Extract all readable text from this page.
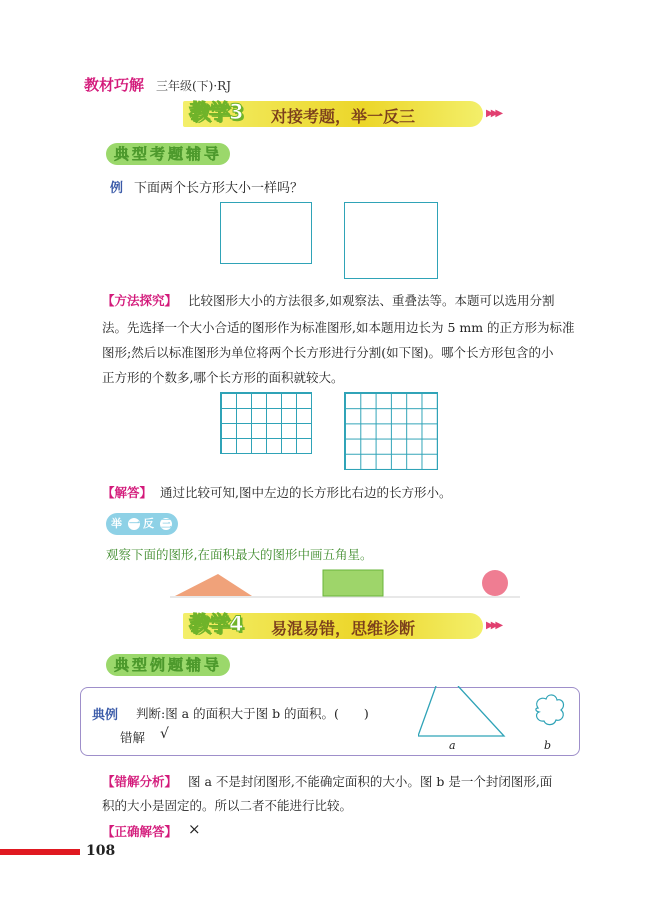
教材巧解 三年级(下)·RJ
教学3 对接考题，举一反三	▶▶▶
典型考题辅导
例 下面两个长方形大小一样吗？
【方法探究】 比较图形大小的方法很多,如观察法、重叠法等。本题可以选用分割
法。先选择一个大小合适的图形作为标准图形,如本题用边长为 5 mm 的正方形为标准
图形;然后以标准图形为单位将两个长方形进行分割(如下图)。哪个长方形包含的小
正方形的个数多,哪个长方形的面积就较大。
【解答】 通过比较可知,图中左边的长方形比右边的长方形小。
举 一 反 三
观察下面的图形,在面积最大的图形中画五角星。
教学4 易混易错，思维诊断	▶▶▶
典型例题辅导
典例 判断:图 a 的面积大于图 b 的面积。(　　)
错解 √
a	b
【错解分析】 图 a 不是封闭图形,不能确定面积的大小。图 b 是一个封闭图形,面
积的大小是固定的。所以二者不能进行比较。
【正确解答】 ×
108
